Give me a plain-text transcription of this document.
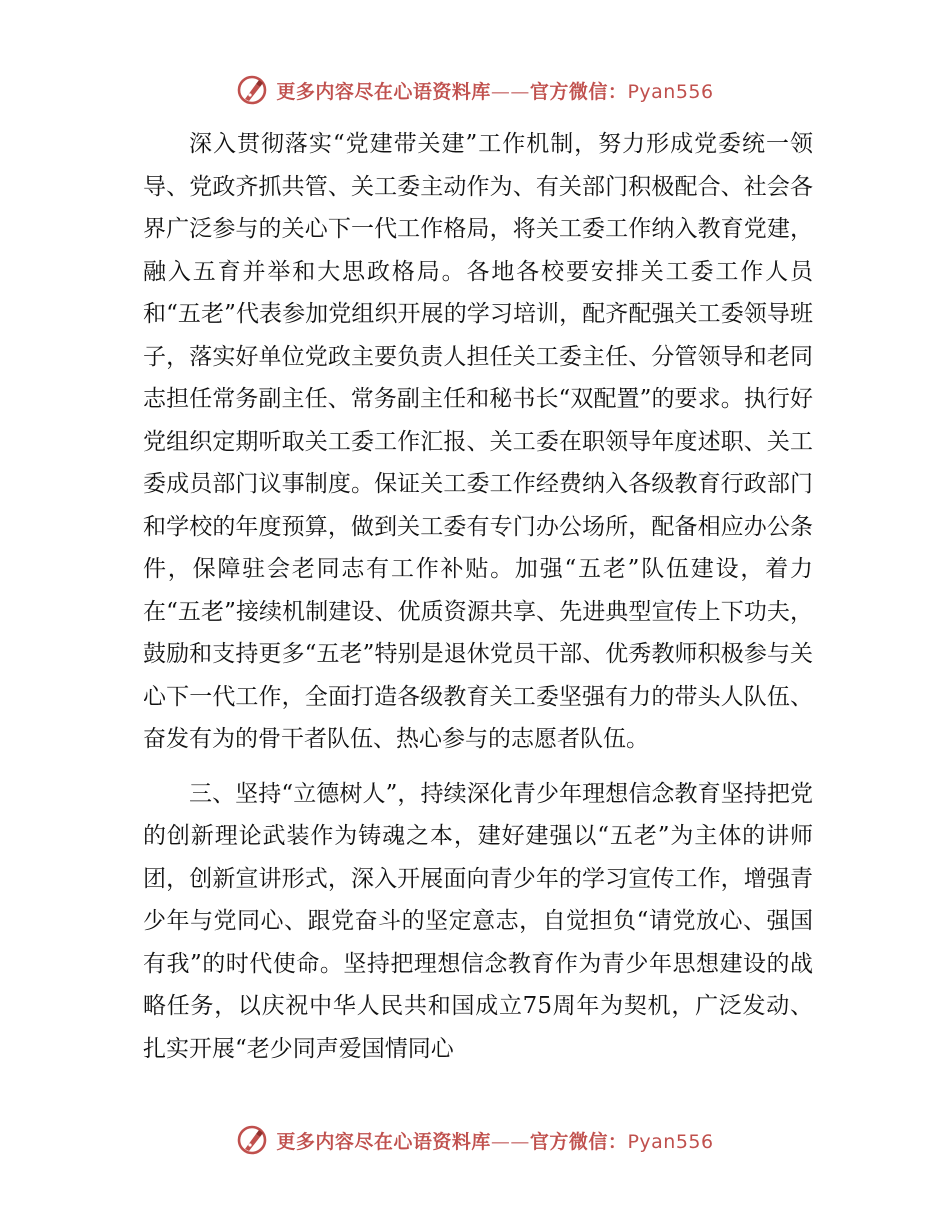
更多内容尽在心语资料库——官方微信：Pyan556

深入贯彻落实“党建带关建”工作机制，努力形成党委统一领导、党政齐抓共管、关工委主动作为、有关部门积极配合、社会各界广泛参与的关心下一代工作格局，将关工委工作纳入教育党建，融入五育并举和大思政格局。各地各校要安排关工委工作人员和“五老”代表参加党组织开展的学习培训，配齐配强关工委领导班子，落实好单位党政主要负责人担任关工委主任、分管领导和老同志担任常务副主任、常务副主任和秘书长“双配置”的要求。执行好党组织定期听取关工委工作汇报、关工委在职领导年度述职、关工委成员部门议事制度。保证关工委工作经费纳入各级教育行政部门和学校的年度预算，做到关工委有专门办公场所，配备相应办公条件，保障驻会老同志有工作补贴。加强“五老”队伍建设，着力在“五老”接续机制建设、优质资源共享、先进典型宣传上下功夫，鼓励和支持更多“五老”特别是退休党员干部、优秀教师积极参与关心下一代工作，全面打造各级教育关工委坚强有力的带头人队伍、奋发有为的骨干者队伍、热心参与的志愿者队伍。

三、坚持“立德树人”，持续深化青少年理想信念教育坚持把党的创新理论武装作为铸魂之本，建好建强以“五老”为主体的讲师团，创新宣讲形式，深入开展面向青少年的学习宣传工作，增强青少年与党同心、跟党奋斗的坚定意志，自觉担负“请党放心、强国有我”的时代使命。坚持把理想信念教育作为青少年思想建设的战略任务，以庆祝中华人民共和国成立75周年为契机，广泛发动、扎实开展“老少同声爱国情同心

更多内容尽在心语资料库——官方微信：Pyan556
